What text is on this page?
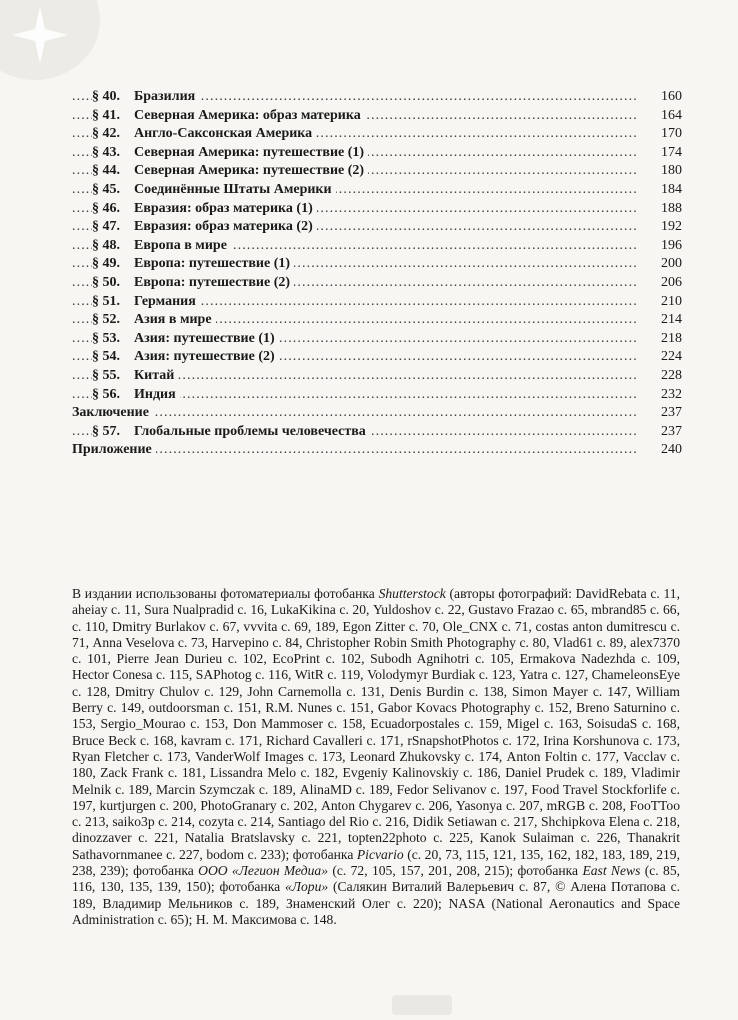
. . .
§ 40. Бразилия	160
. . .
§ 41. Северная Америка: образ материка	164
. . .
§ 42. Англо-Саксонская Америка	170
. . .
§ 43. Северная Америка: путешествие (1)	174
. . .
§ 44. Северная Америка: путешествие (2)	180
. . .
§ 45. Соединённые Штаты Америки	184
. . .
§ 46. Евразия: образ материка (1)	188
. . .
§ 47. Евразия: образ материка (2)	192
. . .
§ 48. Европа в мире	196
. . .
§ 49. Европа: путешествие (1)	200
. . .
§ 50. Европа: путешествие (2)	206
. . .
§ 51. Германия	210
. . .
§ 52. Азия в мире	214
. . .
§ 53. Азия: путешествие (1)	218
. . .
§ 54. Азия: путешествие (2)	224
. . .
§ 55. Китай	228
. . .
§ 56. Индия	232
. . .
Заключение	237
. . .
§ 57. Глобальные проблемы человечества	237
. . .
Приложение	240
В издании использованы фотоматериалы фотобанка Shutterstock (авторы фотографий: DavidRebata с. 11, aheiay с. 11, Sura Nualpradid с. 16, LukaKikina с. 20, Yuldoshov с. 22, Gustavo Frazao с. 65, mbrand85 с. 66, с. 110, Dmitry Burlakov с. 67, vvvita с. 69, 189, Egon Zitter с. 70, Ole_CNX с. 71, costas anton dumitrescu с. 71, Anna Veselova с. 73, Harvepino с. 84, Christopher Robin Smith Photography с. 80, Vlad61 с. 89, alex7370 с. 101, Pierre Jean Durieu с. 102, EcoPrint с. 102, Subodh Agnihotri с. 105, Ermakova Nadezhda с. 109, Hector Conesa с. 115, SAPhotog с. 116, WitR с. 119, Volodymyr Burdiak с. 123, Yatra с. 127, ChameleonsEye с. 128, Dmitry Chulov с. 129, John Carnemolla с. 131, Denis Burdin с. 138, Simon Mayer с. 147, William Berry с. 149, outdoorsman с. 151, R.M. Nunes с. 151, Gabor Kovacs Photography с. 152, Breno Saturnino с. 153, Sergio_Mourao с. 153, Don Mammoser с. 158, Ecuadorpostales с. 159, Migel с. 163, SoisudaS с. 168, Bruce Beck с. 168, kavram с. 171, Richard Cavalleri с. 171, rSnapshotPhotos с. 172, Irina Korshunova с. 173, Ryan Fletcher с. 173, VanderWolf Images с. 173, Leonard Zhukovsky с. 174, Anton Foltin с. 177, Vacclav с. 180, Zack Frank с. 181, Lissandra Melo с. 182, Evgeniy Kalinovskiy с. 186, Daniel Prudek с. 189, Vladimir Melnik с. 189, Marcin Szymczak с. 189, AlinaMD с. 189, Fedor Selivanov с. 197, Food Travel Stockforlife с. 197, kurtjurgen с. 200, PhotoGranary с. 202, Anton Chygarev с. 206, Yasonya с. 207, mRGB с. 208, FooTToo с. 213, saiko3p с. 214, cozyta с. 214, Santiago del Rio с. 216, Didik Setiawan с. 217, Shchipkova Elena с. 218, dinozzaver с. 221, Natalia Bratslavsky с. 221, topten22photo с. 225, Kanok Sulaiman с. 226, Thanakrit Sathavornmanee с. 227, bodom с. 233); фотобанка Picvario (с. 20, 73, 115, 121, 135, 162, 182, 183, 189, 219, 238, 239); фотобанка ООО «Легион Медиа» (с. 72, 105, 157, 201, 208, 215); фотобанка East News (с. 85, 116, 130, 135, 139, 150); фотобанка «Лори» (Салякин Виталий Валерьевич с. 87, © Алена Потапова с. 189, Владимир Мельников с. 189, Знаменский Олег с. 220); NASA (National Aeronautics and Space Administration с. 65); Н. М. Максимова с. 148.
